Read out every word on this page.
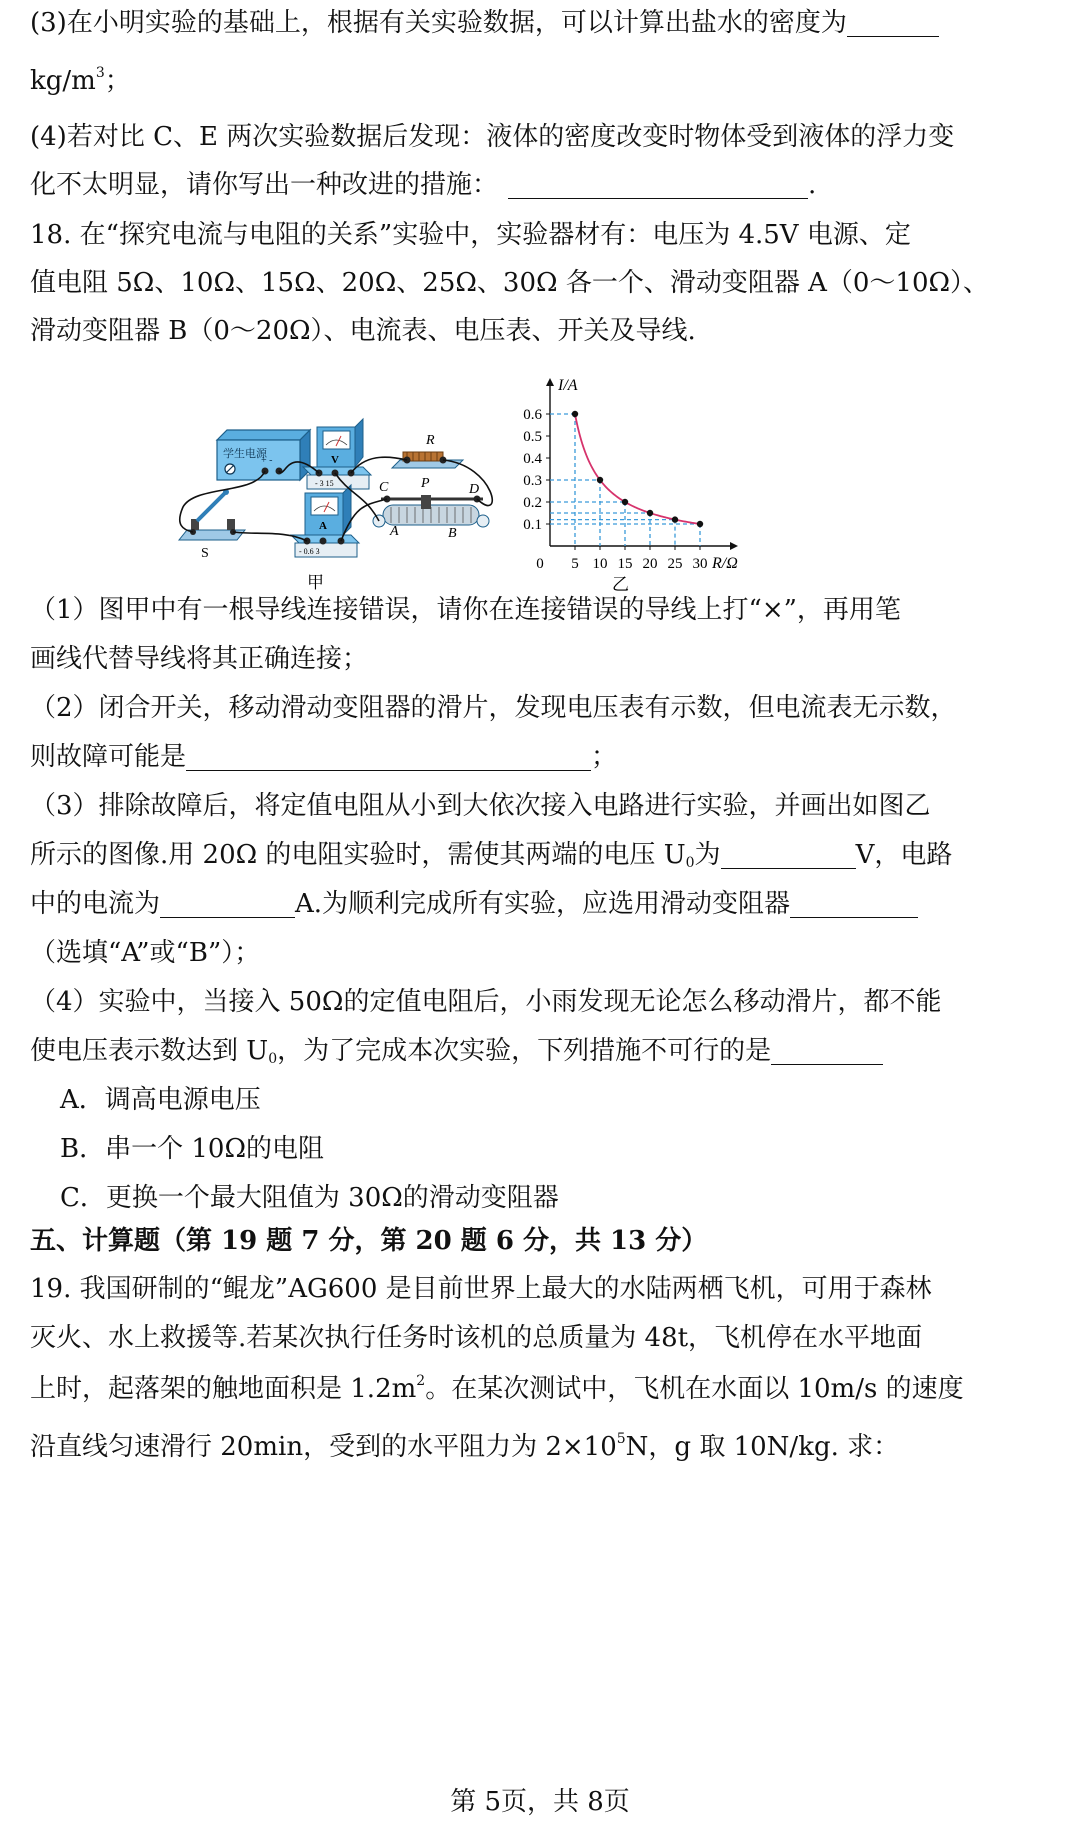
(3)在小明实验的基础上，根据有关实验数据，可以计算出盐水的密度为
$kg/m^3$；
(4)若对比 C、E 两次实验数据后发现：液体的密度改变时物体受到液体的浮力变
化不太明显，请你写出一种改进的措施：	.
18. 在“探究电流与电阻的关系”实验中，实验器材有：电压为 4.5V 电源、定
值电阻 5Ω、10Ω、15Ω、20Ω、25Ω、30Ω 各一个、滑动变阻器 A（0～10Ω）、
滑动变阻器 B（0～20Ω）、电流表、电压表、开关及导线.
学生电源
+ -	V
- 3 15
R
A
- 0.6 3
S
C P	D
A	B
甲
I/A
R/Ω
0.1
0.2
0.3
0.4
0.5
0.6
0 5 10 15 20 25 30
乙
（1）图甲中有一根导线连接错误，请你在连接错误的导线上打“×”，再用笔
画线代替导线将其正确连接；
（2）闭合开关，移动滑动变阻器的滑片，发现电压表有示数，但电流表无示数，
则故障可能是	；
（3）排除故障后，将定值电阻从小到大依次接入电路进行实验，并画出如图乙
所示的图像.用 20Ω 的电阻实验时，需使其两端的电压 $U_0$为	V，电路
中的电流为	A.为顺利完成所有实验，应选用滑动变阻器
（选填“A”或“B”）；
（4）实验中，当接入 50Ω的定值电阻后，小雨发现无论怎么移动滑片，都不能
使电压表示数达到 $U_0$，为了完成本次实验，下列措施不可行的是
A．调高电源电压
B．串一个 10Ω的电阻
C．更换一个最大阻值为 30Ω的滑动变阻器
五、计算题（第 19 题 7 分，第 20 题 6 分，共 13 分）
19. 我国研制的“鲲龙”AG600 是目前世界上最大的水陆两栖飞机，可用于森林
灭火、水上救援等.若某次执行任务时该机的总质量为 48t，飞机停在水平地面
上时，起落架的触地面积是 $1.2m^2$。在某次测试中，飞机在水面以 10m/s 的速度
沿直线匀速滑行 20min，受到的水平阻力为 $2\times 10^5N$，g 取 10N/kg. 求：
第 5页，共 8页
